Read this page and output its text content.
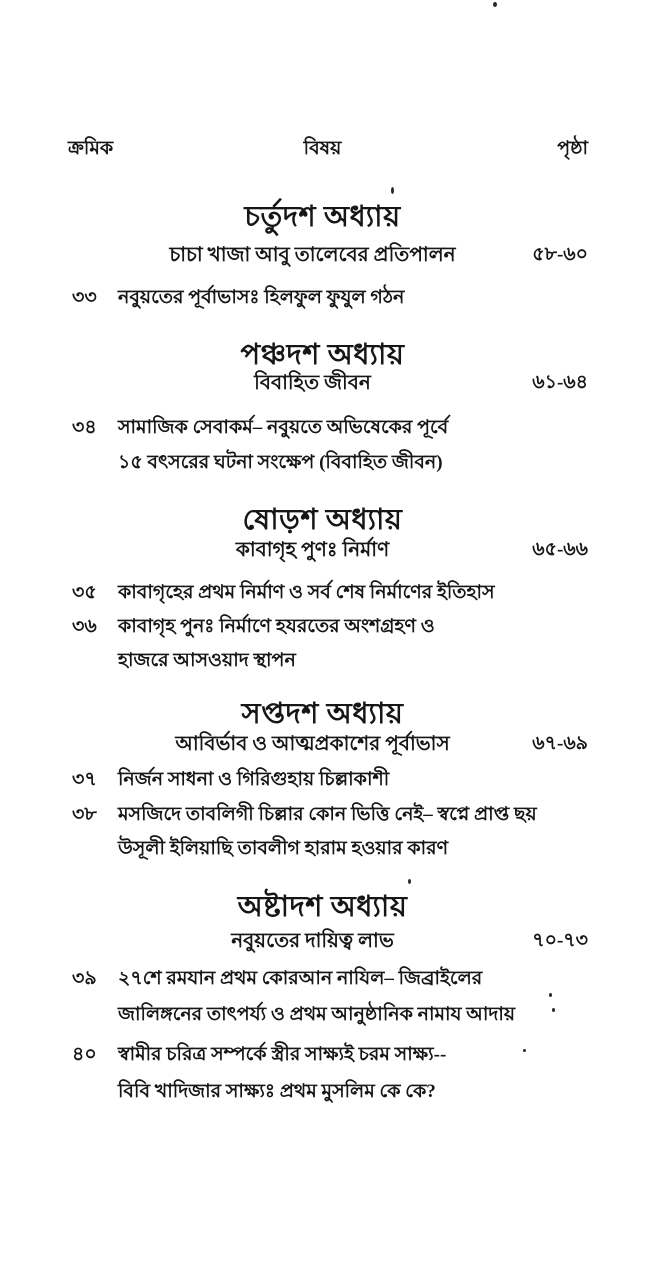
ক্রমিক	বিষয়	পৃষ্ঠা
চর্তুদশ অধ্যায়
চাচা খাজা আবু তালেবের প্রতিপালন	৫৮-৬০
৩৩ নবুয়তের পূর্বাভাসঃ হিলফুল ফুযুল গঠন
পঞ্চদশ অধ্যায়
বিবাহিত জীবন	৬১-৬৪
৩৪ সামাজিক সেবাকর্ম– নবুয়তে অভিষেকের পূর্বে
১৫ বৎসরের ঘটনা সংক্ষেপ (বিবাহিত জীবন)
ষোড়শ অধ্যায়
কাবাগৃহ পুণঃ নির্মাণ	৬৫-৬৬
৩৫ কাবাগৃহের প্রথম নির্মাণ ও সর্ব শেষ নির্মাণের ইতিহাস
৩৬ কাবাগৃহ পুনঃ নির্মাণে হযরতের অংশগ্রহণ ও
হাজরে আসওয়াদ স্থাপন
সপ্তদশ অধ্যায়
আবির্ভাব ও আত্মপ্রকাশের পূর্বাভাস	৬৭-৬৯
৩৭ নির্জন সাধনা ও গিরিগুহায় চিল্লাকাশী
৩৮ মসজিদে তাবলিগী চিল্লার কোন ভিত্তি নেই– স্বপ্নে প্রাপ্ত ছয়
উসূলী ইলিয়াছি তাবলীগ হারাম হওয়ার কারণ
অষ্টাদশ অধ্যায়
নবুয়তের দায়িত্ব লাভ	৭০-৭৩
৩৯ ২৭শে রমযান প্রথম কোরআন নাযিল– জিব্রাইলের
জালিঙ্গনের তাৎপর্য্য ও প্রথম আনুষ্ঠানিক নামায আদায়
৪০ স্বামীর চরিত্র সম্পর্কে স্ত্রীর সাক্ষ্যই চরম সাক্ষ্য--
বিবি খাদিজার সাক্ষ্যঃ প্রথম মুসলিম কে কে?
